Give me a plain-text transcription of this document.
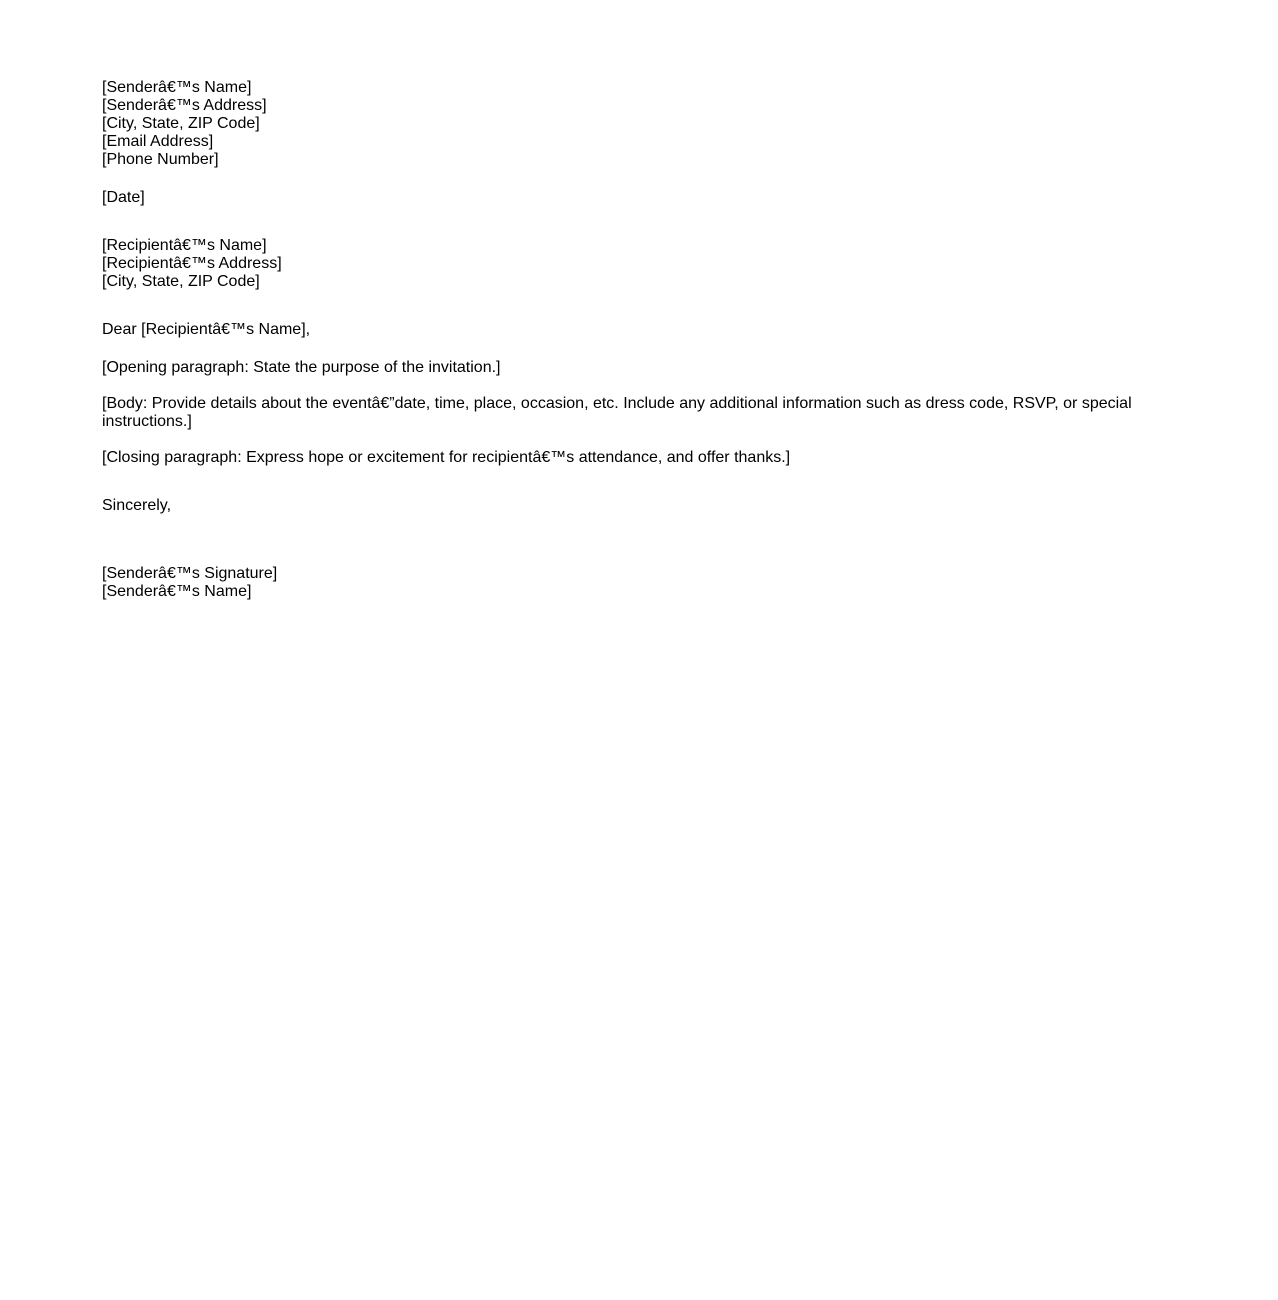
[Senderâ€™s Name]
[Senderâ€™s Address]
[City, State, ZIP Code]
[Email Address]
[Phone Number]
[Date]
[Recipientâ€™s Name]
[Recipientâ€™s Address]
[City, State, ZIP Code]
Dear [Recipientâ€™s Name],
[Opening paragraph: State the purpose of the invitation.]
[Body: Provide details about the eventâ€”date, time, place, occasion, etc. Include any additional information such as dress code, RSVP, or special instructions.]
[Closing paragraph: Express hope or excitement for recipientâ€™s attendance, and offer thanks.]
Sincerely,
[Senderâ€™s Signature]
[Senderâ€™s Name]
